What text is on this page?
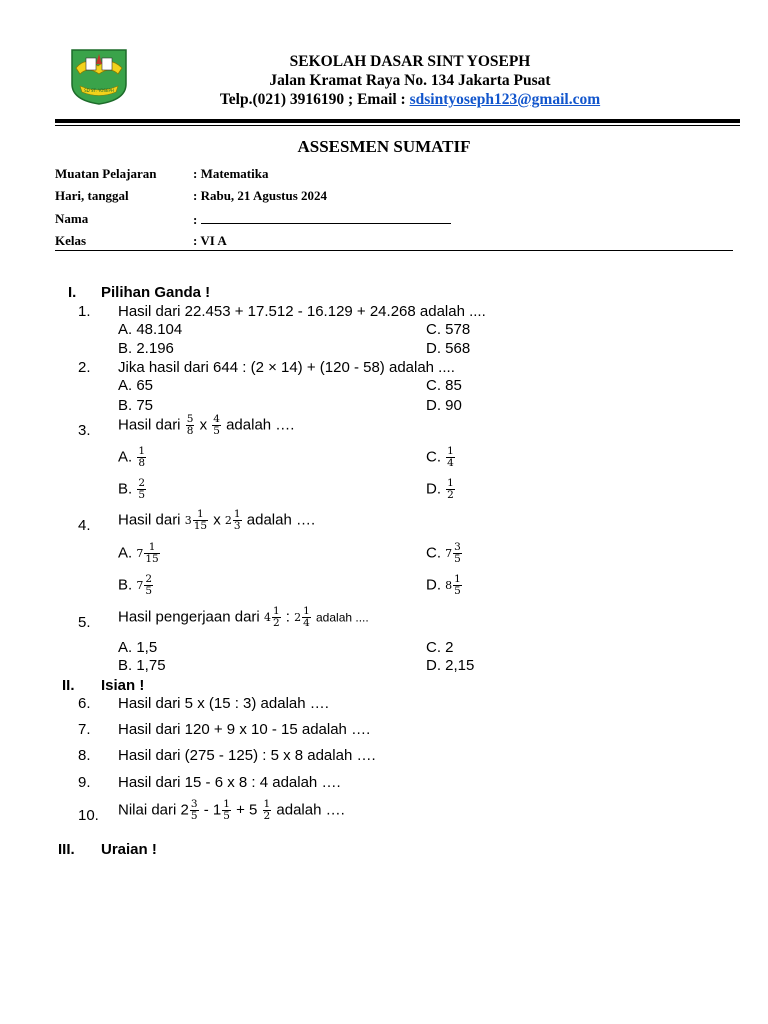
SD ST. YOSEPH
SEKOLAH DASAR SINT YOSEPH
Jalan Kramat Raya No. 134 Jakarta Pusat
Telp.(021) 3916190 ; Email : sdsintyoseph123@gmail.com
ASSESMEN SUMATIF
Muatan Pelajaran	: Matematika
Hari, tanggal	: Rabu, 21 Agustus 2024
Nama	:
Kelas	: VI A
I. Pilihan Ganda !
1. Hasil dari 22.453 + 17.512 - 16.129 + 24.268 adalah ....
A. 48.104	C. 578
B. 2.196	D. 568
2. Jika hasil dari 644 : (2 × 14) + (120 - 58) adalah ....
A. 65	C. 85
B. 75	D. 90
3. Hasil dari $\frac{5}{8}$ x $\frac{4}{5}$ adalah ….
A. $\frac{1}{8}$	C. $\frac{1}{4}$
B. $\frac{2}{5}$	D. $\frac{1}{2}$
4. Hasil dari $3 \frac{1}{15}$ x $2 \frac{1}{3}$ adalah ….
A. $7 \frac{1}{15}$	C. $7 \frac{3}{5}$
B. $7 \frac{2}{5}$	D. $8 \frac{1}{5}$
5. Hasil pengerjaan dari $4 \frac{1}{2}$ : $2 \frac{1}{4}$ adalah ....
A. 1,5	C. 2
B. 1,75	D. 2,15
II. Isian !
6. Hasil dari 5 x (15 : 3) adalah ….
7. Hasil dari 120 + 9 x 10 - 15 adalah ….
8. Hasil dari (275 - 125) : 5 x 8 adalah ….
9. Hasil dari 15 - 6 x 8 : 4 adalah ….
10. Nilai dari $2 \frac{3}{5} - 1 \frac{1}{5} + 5 \frac{1}{2}$ adalah ….
III. Uraian !
